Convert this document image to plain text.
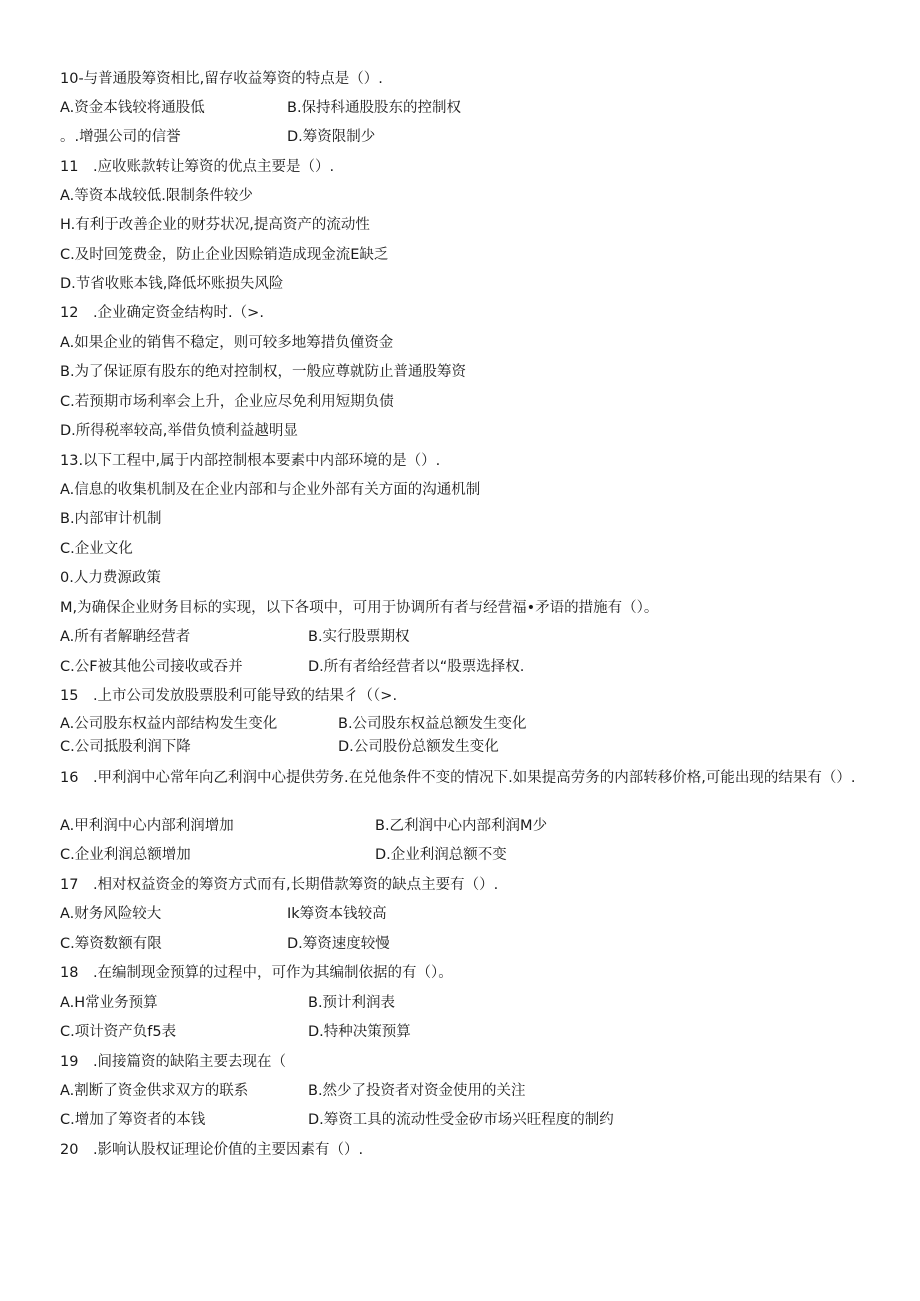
10-与普通股筹资相比,留存收益筹资的特点是（）.
A.资金本钱较将通股低	B.保持科通股股东的控制权
。.增强公司的信誉	D.筹资限制少
11　.应收账款转让筹资的优点主要是（）.
A.等资本战较低.限制条件较少
H.有利于改善企业的财芬状况,提高资产的流动性
C.及时回笼费金，防止企业因赊销造成现金流E缺乏
D.节省收账本钱,降低坏账损失风险
12　.企业确定资金结构时.（>.
A.如果企业的销售不稳定，则可较多地筹措负僮资金
B.为了保证原有股东的绝对控制权，一般应尊就防止普通股筹资
C.若预期市场利率会上升，企业应尽免利用短期负债
D.所得税率较高,举借负愤利益越明显
13.以下工程中,属于内部控制根本要素中内部环境的是（）.
A.信息的收集机制及在企业内部和与企业外部有关方面的沟通机制
B.内部审计机制
C.企业文化
0.人力费源政策
M,为确保企业财务目标的实现，以下各项中，可用于协调所有者与经营福•矛语的措施有（）。
A.所有者解聃经营者	B.实行股票期权
C.公F被其他公司接收或吞并	D.所有者给经营者以“股票选择权.
15　.上市公司发放股票股利可能导致的结果彳（（>.
A.公司股东权益内部结构发生变化	B.公司股东权益总额发生变化
C.公司抵股利润下降	D.公司股份总额发生变化
16　.甲利润中心常年向乙利润中心提供劳务.在兑他条件不变的情况下.如果提高劳务的内部转移价格,可能出现的结果有（）.
A.甲利润中心内部利润增加	B.乙利润中心内部利润M少
C.企业利润总额增加	D.企业利润总额不变
17　.相对权益资金的筹资方式而有,长期借款筹资的缺点主要有（）.
A.财务风险较大	Ik筹资本钱较高
C.筹资数额有限	D.筹资速度较慢
18　.在编制现金预算的过程中，可作为其编制依据的有（）。
A.H常业务预算	B.预计利润表
C.项计资产负f5表	D.特种决策预算
19　.间接篇资的缺陷主要去现在（
A.割断了资金供求双方的联系	B.然少了投资者对资金使用的关注
C.增加了筹资者的本钱	D.筹资工具的流动性受金矽市场兴旺程度的制约
20　.影响认股权证理论价值的主要因素有（）.
